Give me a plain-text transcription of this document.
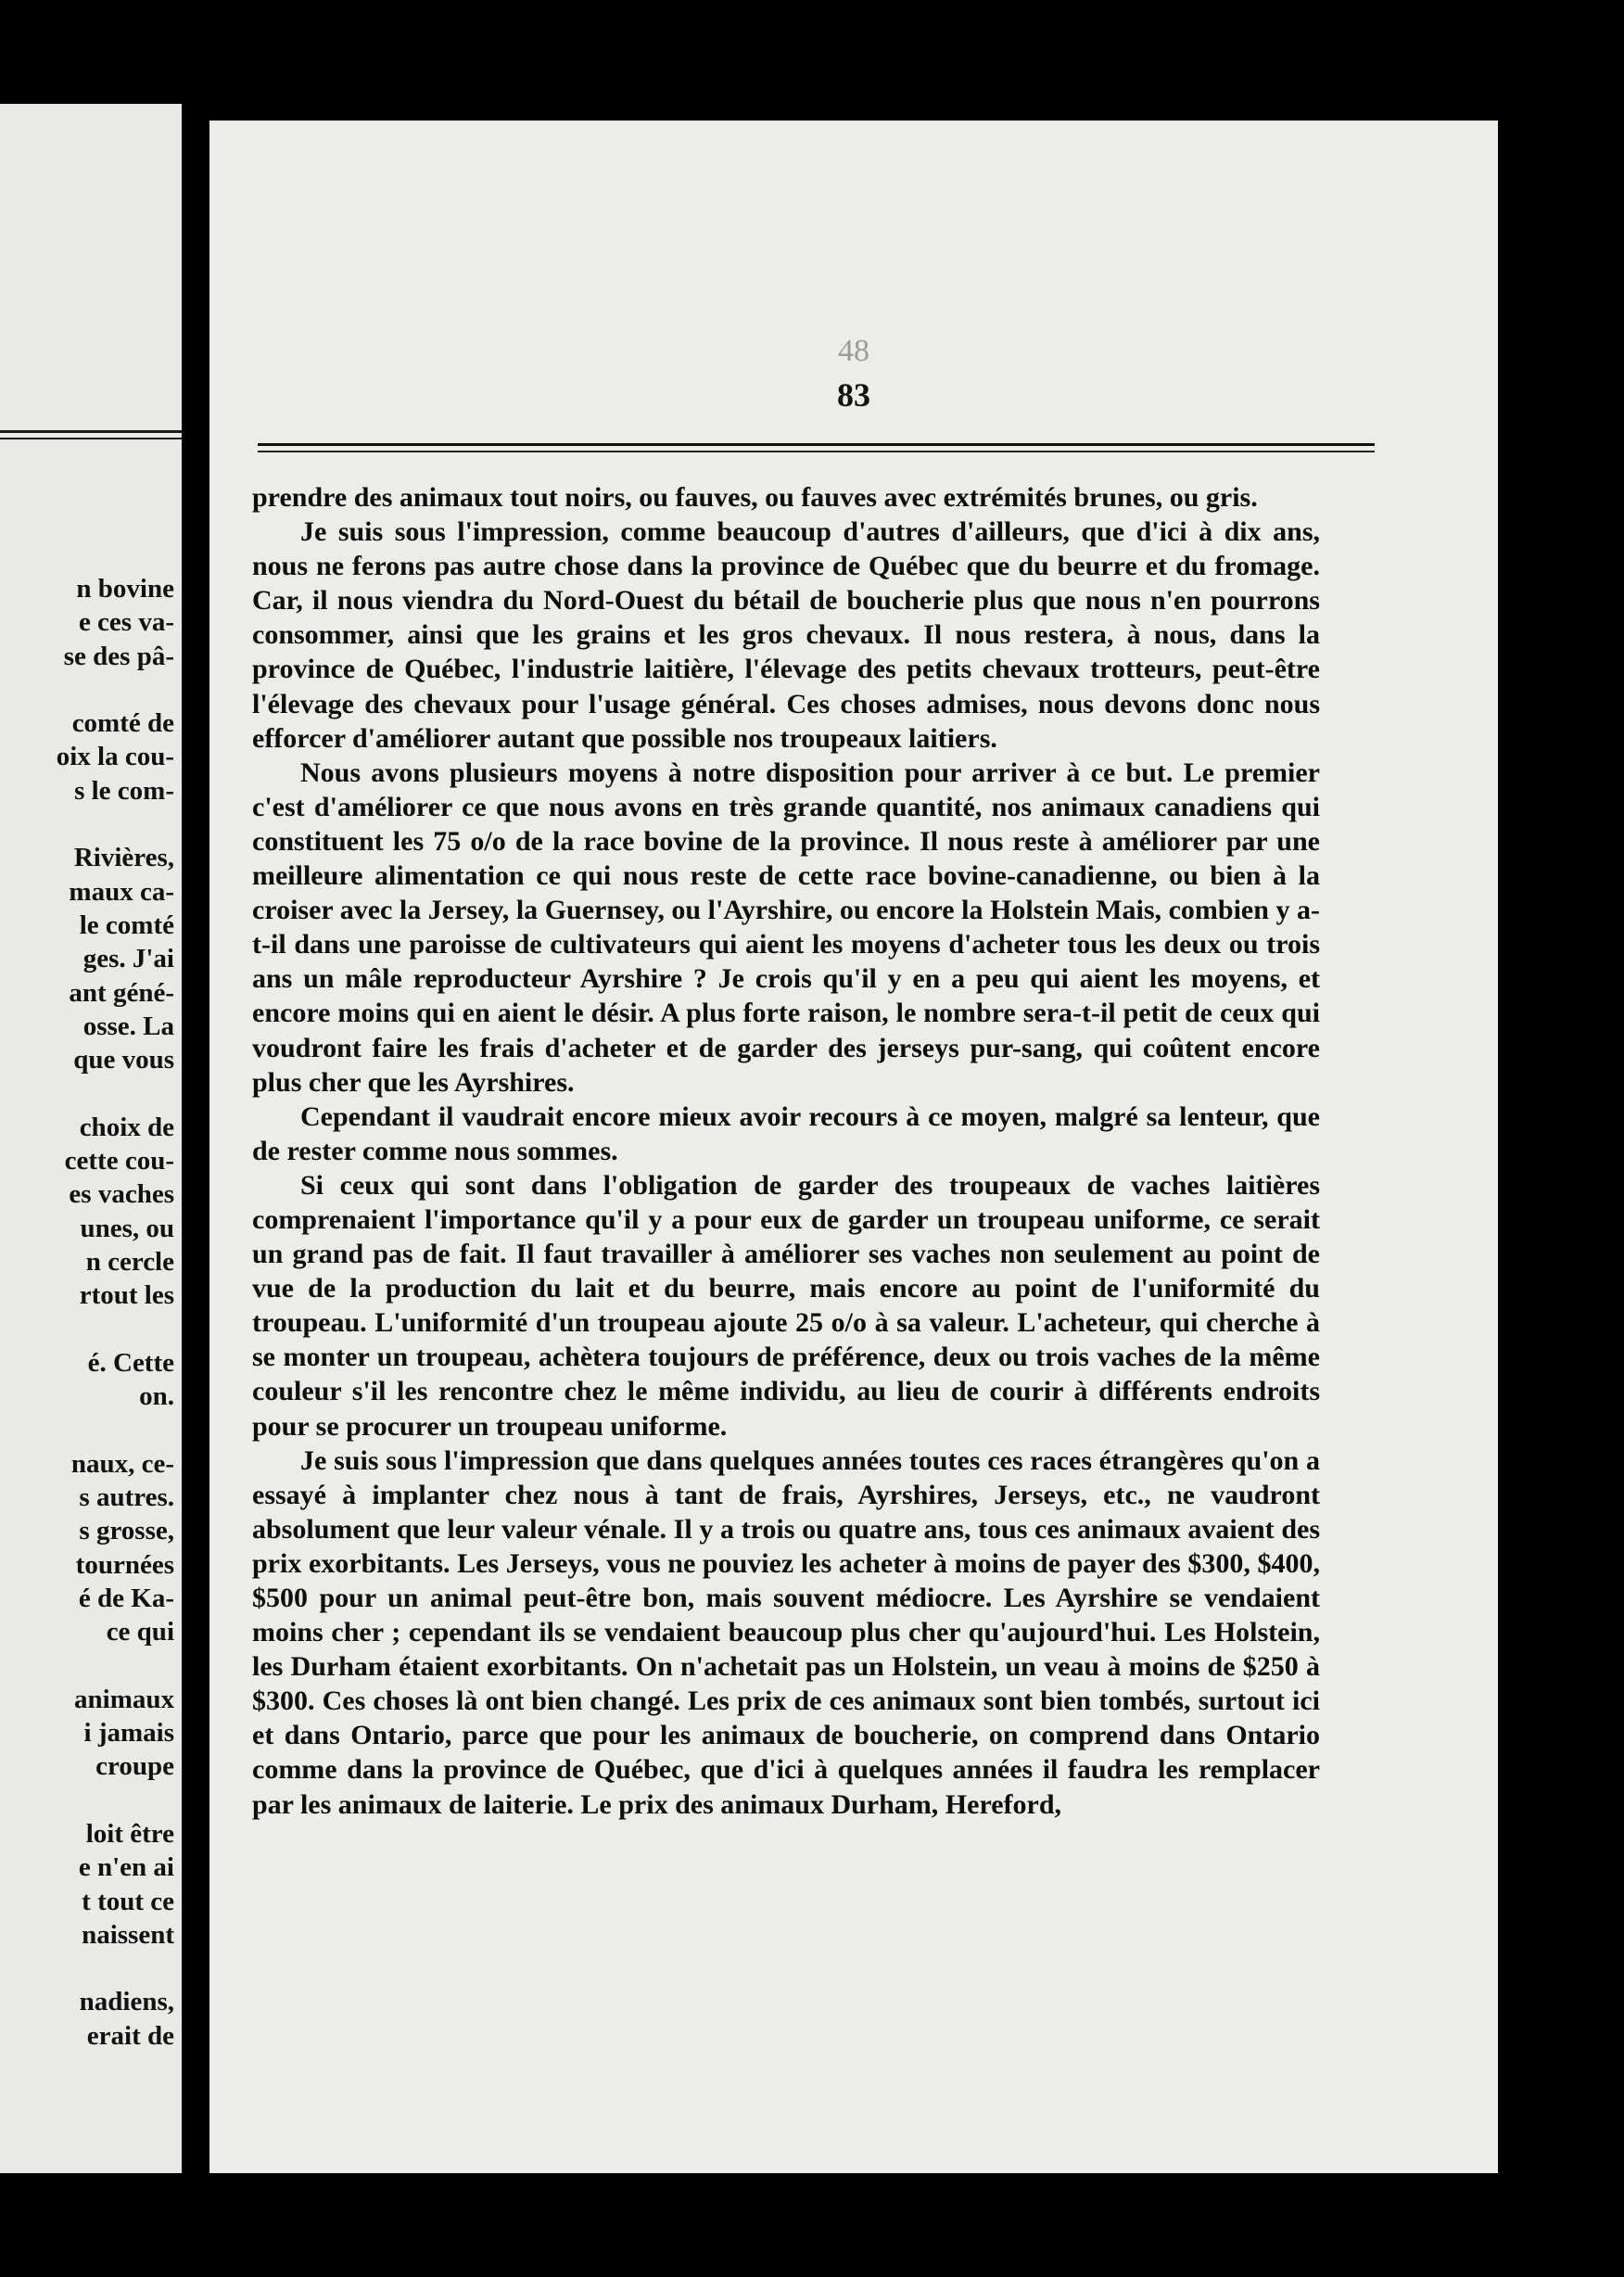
n bovine
e ces va-
se des pâ-
comté de
oix la cou-
s le com-
Rivières,
maux ca-
le comté
ges. J'ai
ant géné-
osse. La
que vous
choix de
cette cou-
es vaches
unes, ou
n cercle
rtout les
é. Cette
on.
naux, ce-
s autres.
s grosse,
tournées
é de Ka-
ce qui
animaux
i jamais
croupe
loit être
e n'en ai
t tout ce
naissent
nadiens,
erait de
48
83

prendre des animaux tout noirs, ou fauves, ou fauves avec extrémités brunes, ou gris.

Je suis sous l'impression, comme beaucoup d'autres d'ailleurs, que d'ici à dix ans, nous ne ferons pas autre chose dans la province de Québec que du beurre et du fromage. Car, il nous viendra du Nord-Ouest du bétail de boucherie plus que nous n'en pourrons consommer, ainsi que les grains et les gros chevaux. Il nous restera, à nous, dans la province de Québec, l'industrie laitière, l'élevage des petits chevaux trotteurs, peut-être l'élevage des chevaux pour l'usage général. Ces choses admises, nous devons donc nous efforcer d'améliorer autant que possible nos troupeaux laitiers.

Nous avons plusieurs moyens à notre disposition pour arriver à ce but. Le premier c'est d'améliorer ce que nous avons en très grande quantité, nos animaux canadiens qui constituent les 75 o/o de la race bovine de la province. Il nous reste à améliorer par une meilleure alimentation ce qui nous reste de cette race bovine-canadienne, ou bien à la croiser avec la Jersey, la Guernsey, ou l'Ayrshire, ou encore la Holstein Mais, combien y a-t-il dans une paroisse de cultivateurs qui aient les moyens d'acheter tous les deux ou trois ans un mâle reproducteur Ayrshire ? Je crois qu'il y en a peu qui aient les moyens, et encore moins qui en aient le désir. A plus forte raison, le nombre sera-t-il petit de ceux qui voudront faire les frais d'acheter et de garder des jerseys pur-sang, qui coûtent encore plus cher que les Ayrshires.

Cependant il vaudrait encore mieux avoir recours à ce moyen, malgré sa lenteur, que de rester comme nous sommes.

Si ceux qui sont dans l'obligation de garder des troupeaux de vaches laitières comprenaient l'importance qu'il y a pour eux de garder un troupeau uniforme, ce serait un grand pas de fait. Il faut travailler à améliorer ses vaches non seulement au point de vue de la production du lait et du beurre, mais encore au point de l'uniformité du troupeau. L'uniformité d'un troupeau ajoute 25 o/o à sa valeur. L'acheteur, qui cherche à se monter un troupeau, achètera toujours de préférence, deux ou trois vaches de la même couleur s'il les rencontre chez le même individu, au lieu de courir à différents endroits pour se procurer un troupeau uniforme.

Je suis sous l'impression que dans quelques années toutes ces races étrangères qu'on a essayé à implanter chez nous à tant de frais, Ayrshires, Jerseys, etc., ne vaudront absolument que leur valeur vénale. Il y a trois ou quatre ans, tous ces animaux avaient des prix exorbitants. Les Jerseys, vous ne pouviez les acheter à moins de payer des $300, $400, $500 pour un animal peut-être bon, mais souvent médiocre. Les Ayrshire se vendaient moins cher ; cependant ils se vendaient beaucoup plus cher qu'aujourd'hui. Les Holstein, les Durham étaient exorbitants. On n'achetait pas un Holstein, un veau à moins de $250 à $300. Ces choses là ont bien changé. Les prix de ces animaux sont bien tombés, surtout ici et dans Ontario, parce que pour les animaux de boucherie, on comprend dans Ontario comme dans la province de Québec, que d'ici à quelques années il faudra les remplacer par les animaux de laiterie. Le prix des animaux Durham, Hereford,
